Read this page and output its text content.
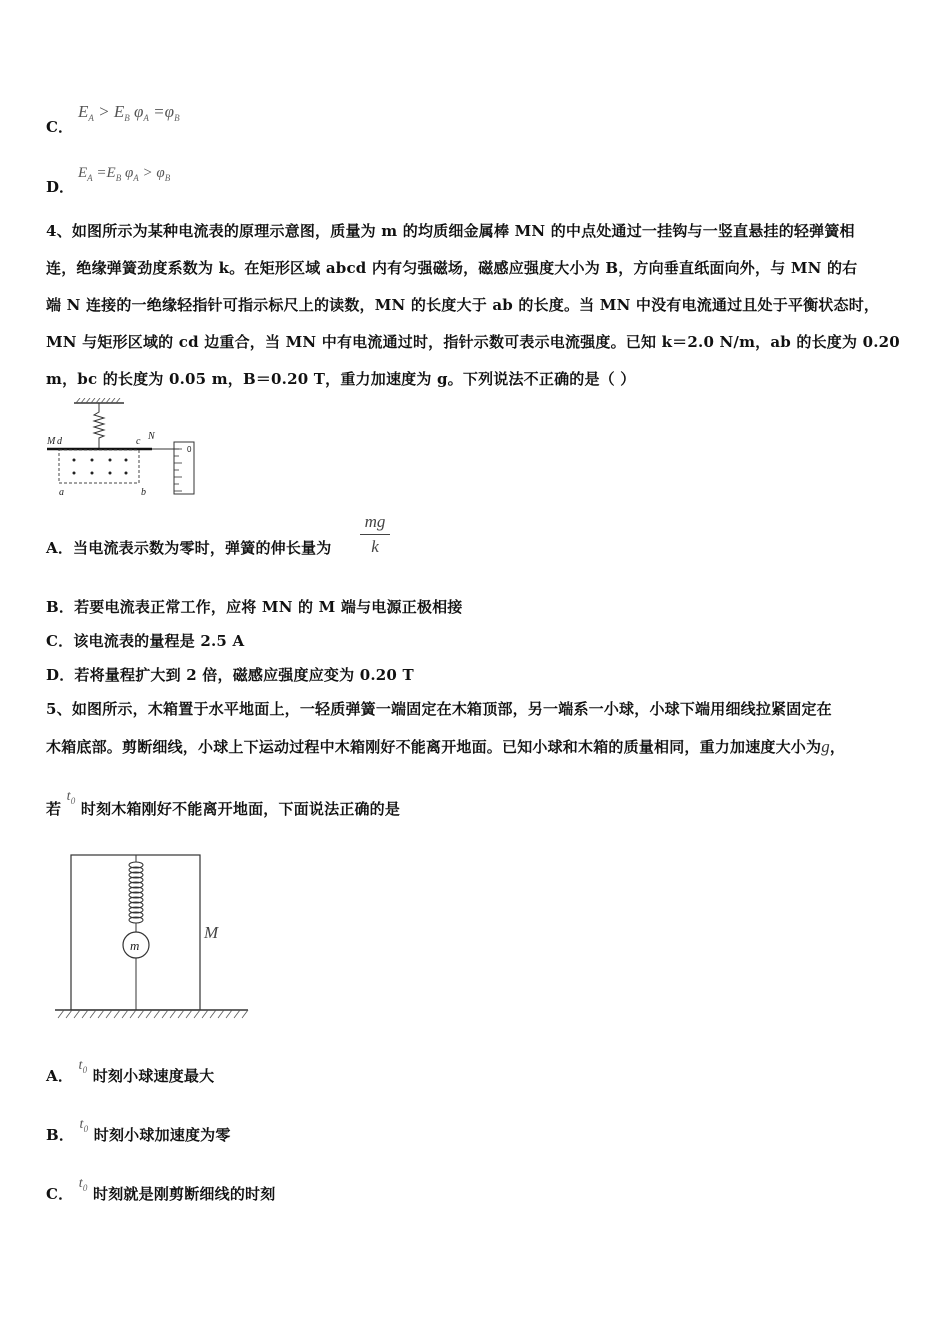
C．
$E_A > E_B$ $\varphi_A =\varphi_B$
D．
$E_A =E_B$ $\varphi_A > \varphi_B$
4、如图所示为某种电流表的原理示意图，质量为 m 的均质细金属棒 MN 的中点处通过一挂钩与一竖直悬挂的轻弹簧相
连，绝缘弹簧劲度系数为 k。在矩形区域 abcd 内有匀强磁场，磁感应强度大小为 B，方向垂直纸面向外，与 MN 的右
端 N 连接的一绝缘轻指针可指示标尺上的读数，MN 的长度大于 ab 的长度。当 MN 中没有电流通过且处于平衡状态时，
MN 与矩形区域的 cd 边重合，当 MN 中有电流通过时，指针示数可表示电流强度。已知 k＝2.0 N/m，ab 的长度为 0.20
m，bc 的长度为 0.05 m，B＝0.20 T，重力加速度为 g。下列说法不正确的是（ ）
M d	c N
a	b
0
A．当电流表示数为零时，弹簧的伸长量为
mg
k
B．若要电流表正常工作，应将 MN 的 M 端与电源正极相接
C．该电流表的量程是 2.5 A
D．若将量程扩大到 2 倍，磁感应强度应变为 0.20 T
5、如图所示，木箱置于水平地面上，一轻质弹簧一端固定在木箱顶部，另一端系一小球，小球下端用细线拉紧固定在
木箱底部。剪断细线，小球上下运动过程中木箱刚好不能离开地面。已知小球和木箱的质量相同，重力加速度大小为g，
若 $t_0$ 时刻木箱刚好不能离开地面，下面说法正确的是
m
M
A． $t_0$ 时刻小球速度最大
B． $t_0$ 时刻小球加速度为零
C． $t_0$ 时刻就是刚剪断细线的时刻
